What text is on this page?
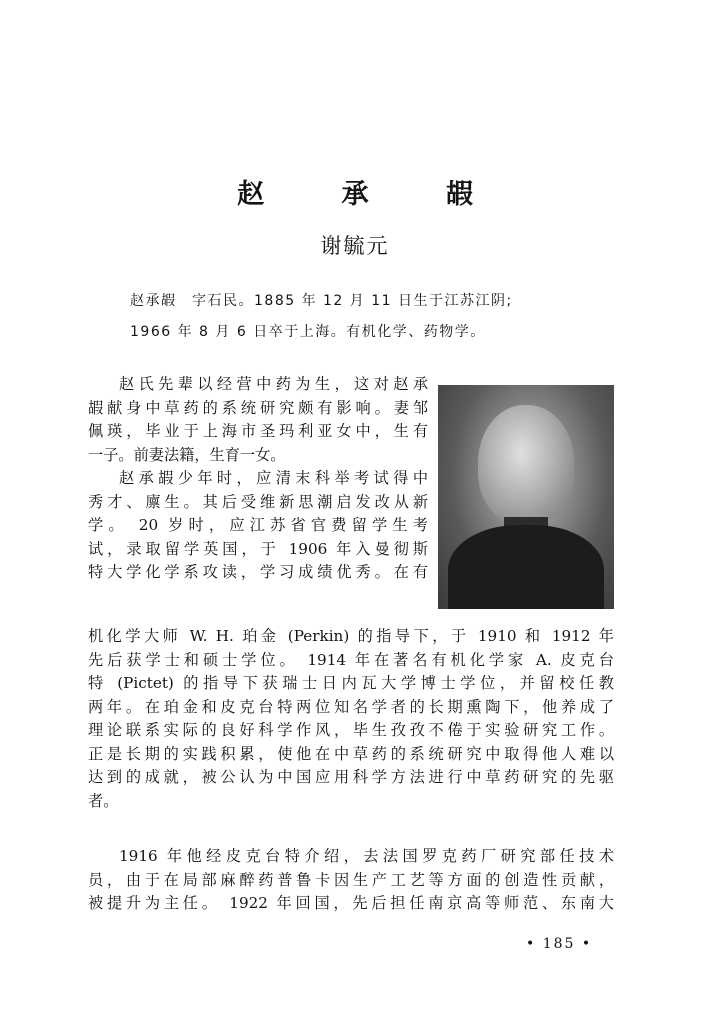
赵 承 嘏
谢毓元
赵承嘏　字石民。1885 年 12 月 11 日生于江苏江阴;
1966 年 8 月 6 日卒于上海。有机化学、药物学。
赵氏先辈以经营中药为生，这对赵承
嘏献身中草药的系统研究颇有影响。妻邹
佩瑛，毕业于上海市圣玛利亚女中，生有
一子。前妻法籍，生育一女。
赵承嘏少年时，应清末科举考试得中
秀才、廪生。其后受维新思潮启发改从新
学。 20 岁时，应江苏省官费留学生考
试，录取留学英国，于 1906 年入曼彻斯
特大学化学系攻读，学习成绩优秀。在有
机化学大师 W. H. 珀金 (Perkin) 的指导下，于 1910 和 1912 年
先后获学士和硕士学位。 1914 年在著名有机化学家 A. 皮克台
特 (Pictet) 的指导下获瑞士日内瓦大学博士学位，并留校任教
两年。在珀金和皮克台特两位知名学者的长期熏陶下，他养成了
理论联系实际的良好科学作风，毕生孜孜不倦于实验研究工作。
正是长期的实践积累，使他在中草药的系统研究中取得他人难以
达到的成就，被公认为中国应用科学方法进行中草药研究的先驱
者。
1916 年他经皮克台特介绍，去法国罗克药厂研究部任技术
员，由于在局部麻醉药普鲁卡因生产工艺等方面的创造性贡献，
被提升为主任。 1922 年回国，先后担任南京高等师范、东南大
• 185 •
